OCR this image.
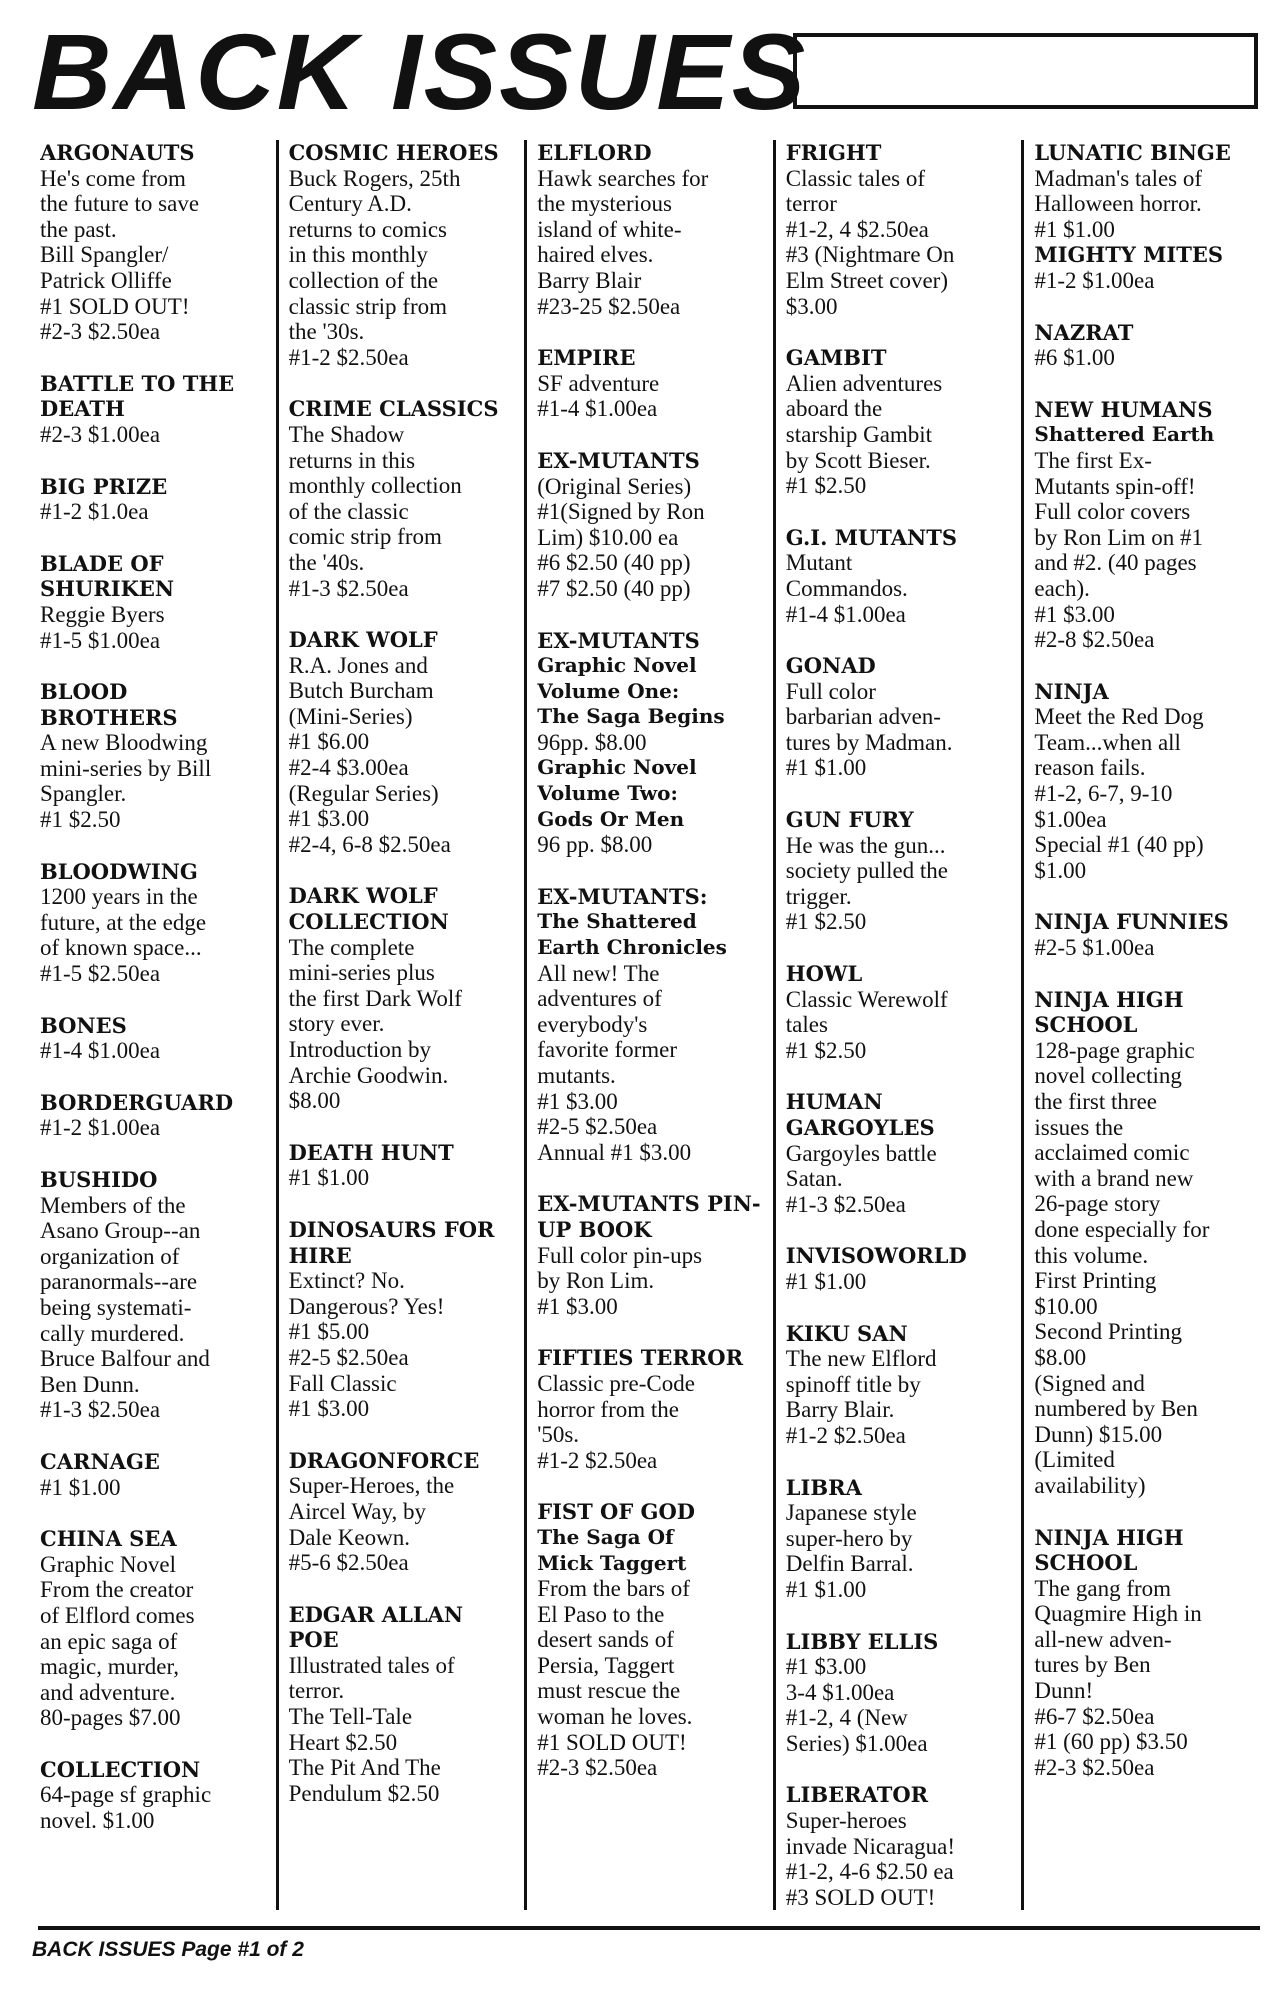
BACK ISSUES
ARGONAUTS
He's come from
the future to save
the past.
Bill Spangler/
Patrick Olliffe
#1 SOLD OUT!
#2-3 $2.50ea
BATTLE TO THE DEATH
#2-3 $1.00ea
BIG PRIZE
#1-2 $1.0ea
BLADE OF SHURIKEN
Reggie Byers
#1-5 $1.00ea
BLOOD BROTHERS
A new Bloodwing
mini-series by Bill
Spangler.
#1 $2.50
BLOODWING
1200 years in the
future, at the edge
of known space...
#1-5 $2.50ea
BONES
#1-4 $1.00ea
BORDERGUARD
#1-2 $1.00ea
BUSHIDO
Members of the
Asano Group--an
organization of
paranormals--are
being systemati-
cally murdered.
Bruce Balfour and
Ben Dunn.
#1-3 $2.50ea
CARNAGE
#1 $1.00
CHINA SEA
Graphic Novel
From the creator
of Elflord comes
an epic saga of
magic, murder,
and adventure.
80-pages $7.00
COLLECTION
64-page sf graphic
novel. $1.00
COSMIC HEROES
Buck Rogers, 25th
Century A.D.
returns to comics
in this monthly
collection of the
classic strip from
the '30s.
#1-2 $2.50ea
CRIME CLASSICS
The Shadow
returns in this
monthly collection
of the classic
comic strip from
the '40s.
#1-3 $2.50ea
DARK WOLF
R.A. Jones and
Butch Burcham
(Mini-Series)
#1 $6.00
#2-4 $3.00ea
(Regular Series)
#1 $3.00
#2-4, 6-8 $2.50ea
DARK WOLF COLLECTION
The complete
mini-series plus
the first Dark Wolf
story ever.
Introduction by
Archie Goodwin.
$8.00
DEATH HUNT
#1 $1.00
DINOSAURS FOR HIRE
Extinct? No.
Dangerous? Yes!
#1 $5.00
#2-5 $2.50ea
Fall Classic
#1 $3.00
DRAGONFORCE
Super-Heroes, the
Aircel Way, by
Dale Keown.
#5-6 $2.50ea
EDGAR ALLAN POE
Illustrated tales of
terror.
The Tell-Tale
Heart $2.50
The Pit And The
Pendulum $2.50
ELFLORD
Hawk searches for
the mysterious
island of white-
haired elves.
Barry Blair
#23-25 $2.50ea
EMPIRE
SF adventure
#1-4 $1.00ea
EX-MUTANTS
(Original Series)
#1(Signed by Ron
Lim) $10.00 ea
#6 $2.50 (40 pp)
#7 $2.50 (40 pp)
EX-MUTANTS
Graphic Novel
Volume One:
The Saga Begins
96pp. $8.00
Graphic Novel
Volume Two:
Gods Or Men
96 pp. $8.00
EX-MUTANTS:
The Shattered
Earth Chronicles
All new! The
adventures of
everybody's
favorite former
mutants.
#1 $3.00
#2-5 $2.50ea
Annual #1 $3.00
EX-MUTANTS PIN-UP BOOK
Full color pin-ups
by Ron Lim.
#1 $3.00
FIFTIES TERROR
Classic pre-Code
horror from the
'50s.
#1-2 $2.50ea
FIST OF GOD
The Saga Of
Mick Taggert
From the bars of
El Paso to the
desert sands of
Persia, Taggert
must rescue the
woman he loves.
#1 SOLD OUT!
#2-3 $2.50ea
FRIGHT
Classic tales of
terror
#1-2, 4 $2.50ea
#3 (Nightmare On
Elm Street cover)
$3.00
GAMBIT
Alien adventures
aboard the
starship Gambit
by Scott Bieser.
#1 $2.50
G.I. MUTANTS
Mutant
Commandos.
#1-4 $1.00ea
GONAD
Full color
barbarian adven-
tures by Madman.
#1 $1.00
GUN FURY
He was the gun...
society pulled the
trigger.
#1 $2.50
HOWL
Classic Werewolf
tales
#1 $2.50
HUMAN GARGOYLES
Gargoyles battle
Satan.
#1-3 $2.50ea
INVISOWORLD
#1 $1.00
KIKU SAN
The new Elflord
spinoff title by
Barry Blair.
#1-2 $2.50ea
LIBRA
Japanese style
super-hero by
Delfin Barral.
#1 $1.00
LIBBY ELLIS
#1 $3.00
3-4 $1.00ea
#1-2, 4 (New
Series) $1.00ea
LIBERATOR
Super-heroes
invade Nicaragua!
#1-2, 4-6 $2.50 ea
#3 SOLD OUT!
LUNATIC BINGE
Madman's tales of
Halloween horror.
#1 $1.00
MIGHTY MITES
#1-2 $1.00ea
NAZRAT
#6 $1.00
NEW HUMANS
Shattered Earth
The first Ex-
Mutants spin-off!
Full color covers
by Ron Lim on #1
and #2. (40 pages
each).
#1 $3.00
#2-8 $2.50ea
NINJA
Meet the Red Dog
Team...when all
reason fails.
#1-2, 6-7, 9-10
$1.00ea
Special #1 (40 pp)
$1.00
NINJA FUNNIES
#2-5 $1.00ea
NINJA HIGH SCHOOL
128-page graphic
novel collecting
the first three
issues the
acclaimed comic
with a brand new
26-page story
done especially for
this volume.
First Printing
$10.00
Second Printing
$8.00
(Signed and
numbered by Ben
Dunn) $15.00
(Limited
availability)
NINJA HIGH SCHOOL
The gang from
Quagmire High in
all-new adven-
tures by Ben
Dunn!
#6-7 $2.50ea
#1 (60 pp) $3.50
#2-3 $2.50ea
BACK ISSUES Page #1 of 2
